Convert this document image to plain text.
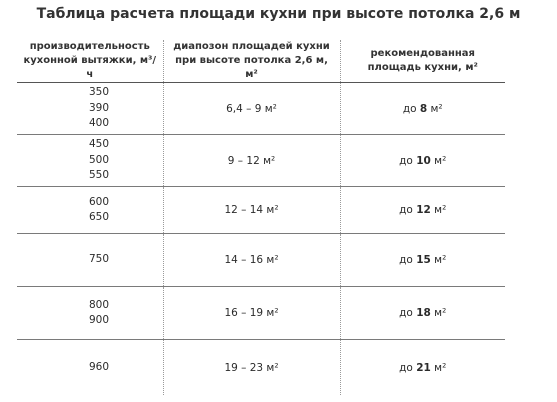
Таблица расчета площади кухни при высоте потолка 2,6 м
производительность кухонной вытяжки, м³/ч	диапозон площадей кухни при высоте потолка 2,6 м, м²	рекомендованная площадь кухни, м²

350
390
400	6,4 – 9 м²	до 8 м²

450
500
550	9 – 12 м²	до 10 м²

600
650	12 – 14 м²	до 12 м²

750	14 – 16 м²	до 15 м²

800
900	16 – 19 м²	до 18 м²

960	19 – 23 м²	до 21 м²
